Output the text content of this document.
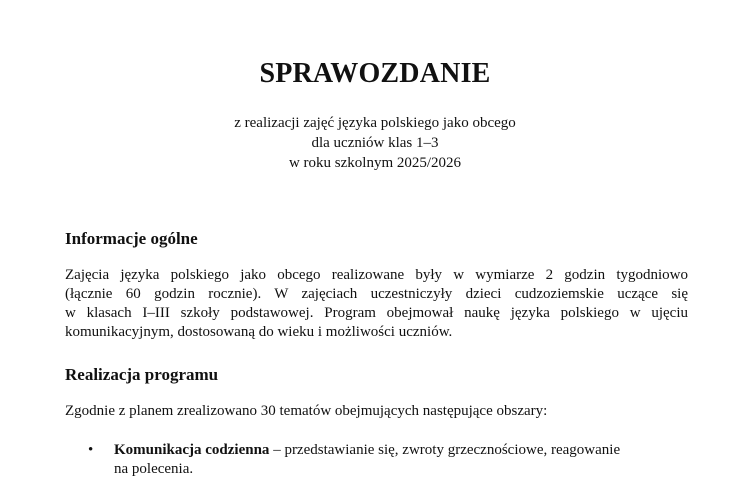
SPRAWOZDANIE
z realizacji zajęć języka polskiego jako obcego
dla uczniów klas 1–3
w roku szkolnym 2025/2026
Informacje ogólne
Zajęcia języka polskiego jako obcego realizowane były w wymiarze 2 godzin tygodniowo
(łącznie 60 godzin rocznie). W zajęciach uczestniczyły dzieci cudzoziemskie uczące się
w klasach I–III szkoły podstawowej. Program obejmował naukę języka polskiego w ujęciu
komunikacyjnym, dostosowaną do wieku i możliwości uczniów.
Realizacja programu
Zgodnie z planem zrealizowano 30 tematów obejmujących następujące obszary:
• Komunikacja codzienna – przedstawianie się, zwroty grzecznościowe, reagowanie
na polecenia.
